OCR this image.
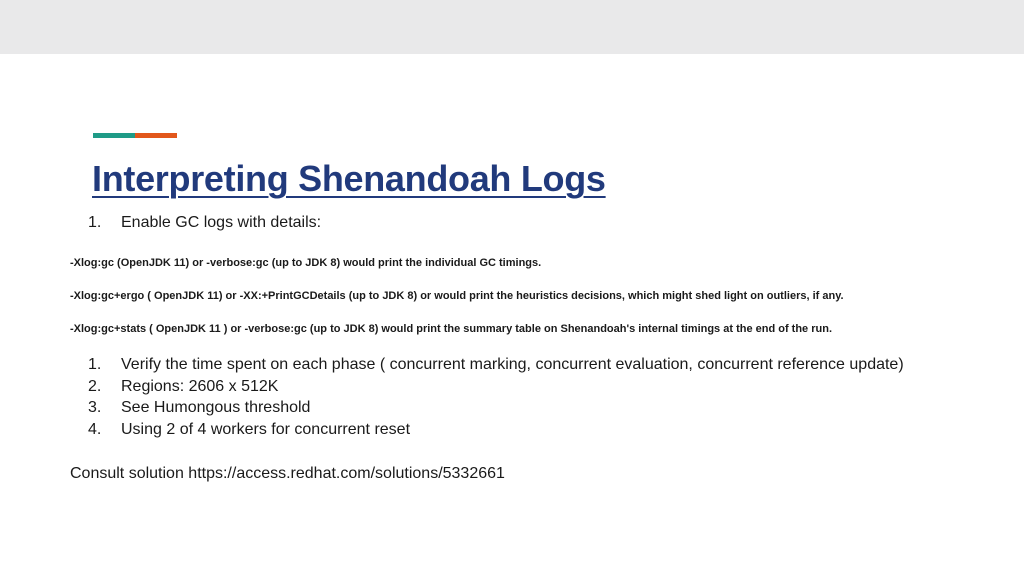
Interpreting Shenandoah Logs
1.	Enable GC logs with details:
-Xlog:gc (OpenJDK 11) or -verbose:gc (up to JDK 8) would print the individual GC timings.
-Xlog:gc+ergo ( OpenJDK 11) or -XX:+PrintGCDetails (up to JDK 8) or would print the heuristics decisions, which might shed light on outliers, if any.
-Xlog:gc+stats ( OpenJDK 11 ) or -verbose:gc (up to JDK 8) would print the summary table on Shenandoah's internal timings at the end of the run.
1.	Verify the time spent on each phase ( concurrent marking, concurrent evaluation, concurrent reference update)
2.	Regions: 2606 x 512K
3.	See Humongous threshold
4.	Using 2 of 4 workers for concurrent reset
Consult solution https://access.redhat.com/solutions/5332661
